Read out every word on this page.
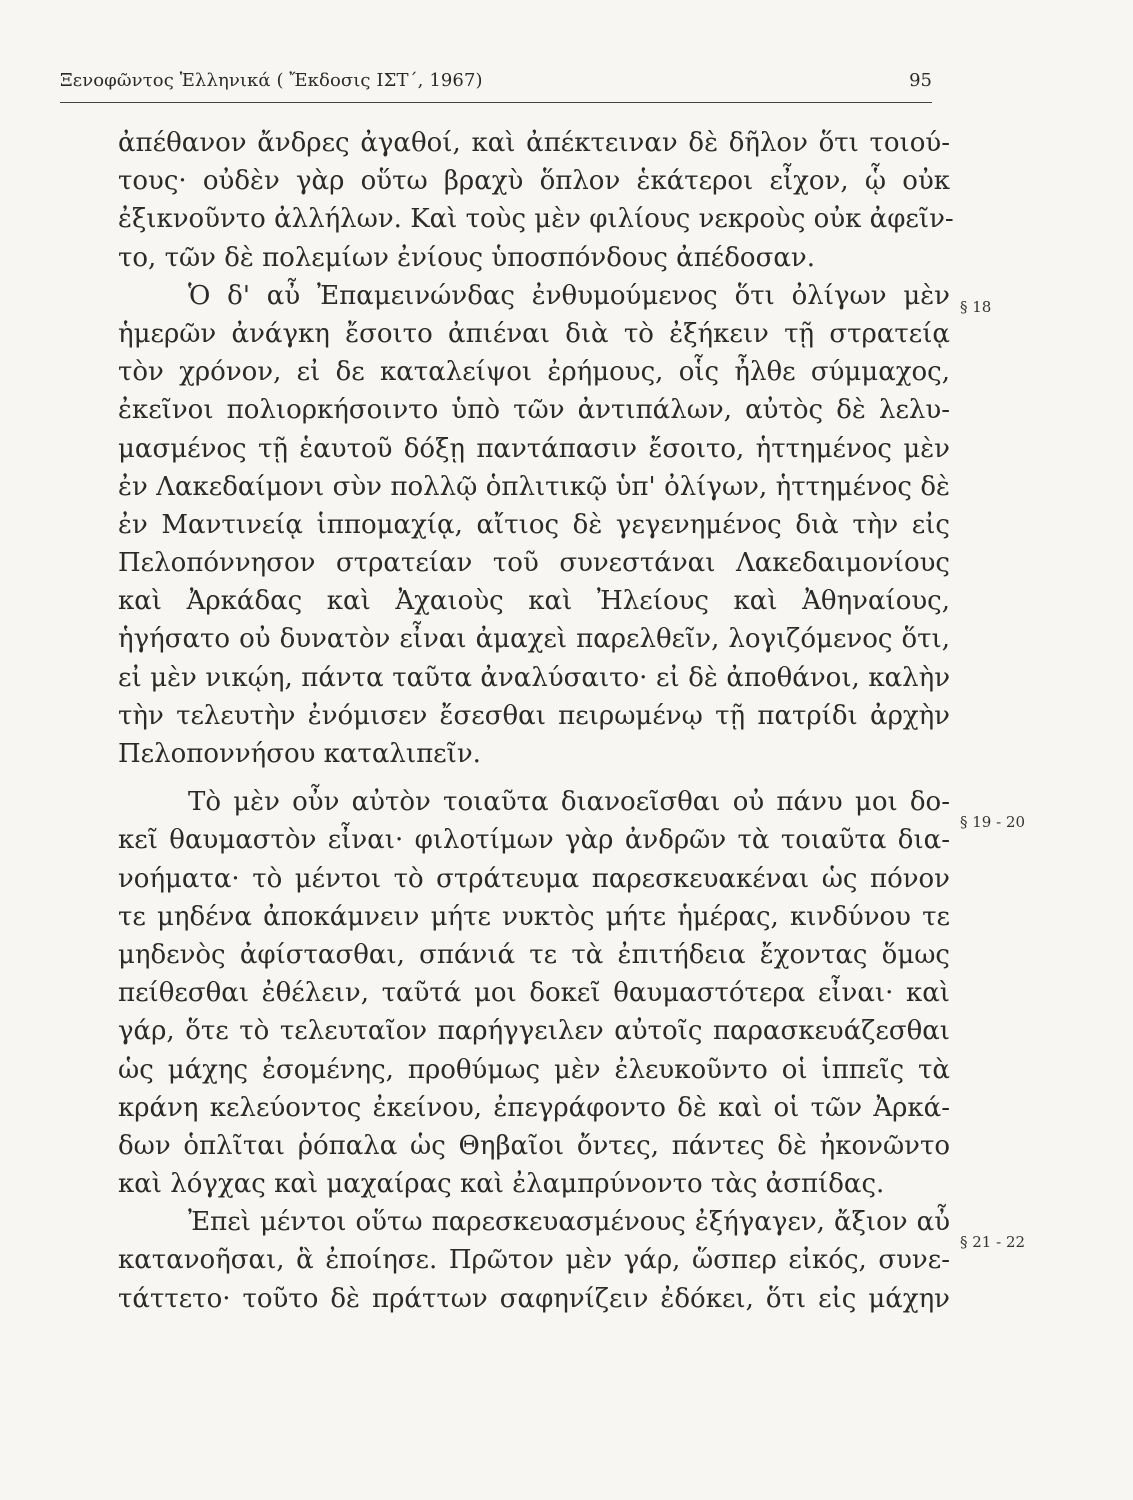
Ξενοφῶντος Ἑλληνικά ( Ἔκδοσις ΙΣΤ΄, 1967)	95
ἀπέθανον ἄνδρες ἀγαθοί, καὶ ἀπέκτειναν δὲ δῆλον ὅτι τοιού-
τους· οὐδὲν γὰρ οὕτω βραχὺ ὅπλον ἑκάτεροι εἶχον, ᾧ οὐκ
ἐξικνοῦντο ἀλλήλων. Καὶ τοὺς μὲν φιλίους νεκροὺς οὐκ ἀφεῖν-
το, τῶν δὲ πολεμίων ἐνίους ὑποσπόνδους ἀπέδοσαν.
Ὁ δ' αὖ Ἐπαμεινώνδας ἐνθυμούμενος ὅτι ὀλίγων μὲν
ἡμερῶν ἀνάγκη ἔσοιτο ἀπιέναι διὰ τὸ ἐξήκειν τῇ στρατείᾳ
τὸν χρόνον, εἰ δε καταλείψοι ἐρήμους, οἷς ἦλθε σύμμαχος,
ἐκεῖνοι πολιορκήσοιντο ὑπὸ τῶν ἀντιπάλων, αὐτὸς δὲ λελυ-
μασμένος τῇ ἑαυτοῦ δόξῃ παντάπασιν ἔσοιτο, ἡττημένος μὲν
ἐν Λακεδαίμονι σὺν πολλῷ ὁπλιτικῷ ὑπ' ὀλίγων, ἡττημένος δὲ
ἐν Μαντινείᾳ ἱππομαχίᾳ, αἴτιος δὲ γεγενημένος διὰ τὴν εἰς
Πελοπόννησον στρατείαν τοῦ συνεστάναι Λακεδαιμονίους
καὶ Ἀρκάδας καὶ Ἀχαιοὺς καὶ Ἠλείους καὶ Ἀθηναίους,
ἡγήσατο οὐ δυνατὸν εἶναι ἀμαχεὶ παρελθεῖν, λογιζόμενος ὅτι,
εἰ μὲν νικῴη, πάντα ταῦτα ἀναλύσαιτο· εἰ δὲ ἀποθάνοι, καλὴν
τὴν τελευτὴν ἐνόμισεν ἔσεσθαι πειρωμένῳ τῇ πατρίδι ἀρχὴν
Πελοποννήσου καταλιπεῖν.
Τὸ μὲν οὖν αὐτὸν τοιαῦτα διανοεῖσθαι οὐ πάνυ μοι δο-
κεῖ θαυμαστὸν εἶναι· φιλοτίμων γὰρ ἀνδρῶν τὰ τοιαῦτα δια-
νοήματα· τὸ μέντοι τὸ στράτευμα παρεσκευακέναι ὡς πόνον
τε μηδένα ἀποκάμνειν μήτε νυκτὸς μήτε ἡμέρας, κινδύνου τε
μηδενὸς ἀφίστασθαι, σπάνιά τε τὰ ἐπιτήδεια ἔχοντας ὅμως
πείθεσθαι ἐθέλειν, ταῦτά μοι δοκεῖ θαυμαστότερα εἶναι· καὶ
γάρ, ὅτε τὸ τελευταῖον παρήγγειλεν αὐτοῖς παρασκευάζεσθαι
ὡς μάχης ἐσομένης, προθύμως μὲν ἐλευκοῦντο οἱ ἱππεῖς τὰ
κράνη κελεύοντος ἐκείνου, ἐπεγράφοντο δὲ καὶ οἱ τῶν Ἀρκά-
δων ὁπλῖται ῥόπαλα ὡς Θηβαῖοι ὄντες, πάντες δὲ ἠκονῶντο
καὶ λόγχας καὶ μαχαίρας καὶ ἐλαμπρύνοντο τὰς ἀσπίδας.
Ἐπεὶ μέντοι οὕτω παρεσκευασμένους ἐξήγαγεν, ἄξιον αὖ
κατανοῆσαι, ἃ ἐποίησε. Πρῶτον μὲν γάρ, ὥσπερ εἰκός, συνε-
τάττετο· τοῦτο δὲ πράττων σαφηνίζειν ἐδόκει, ὅτι εἰς μάχην
§ 18
§ 19 - 20
§ 21 - 22
